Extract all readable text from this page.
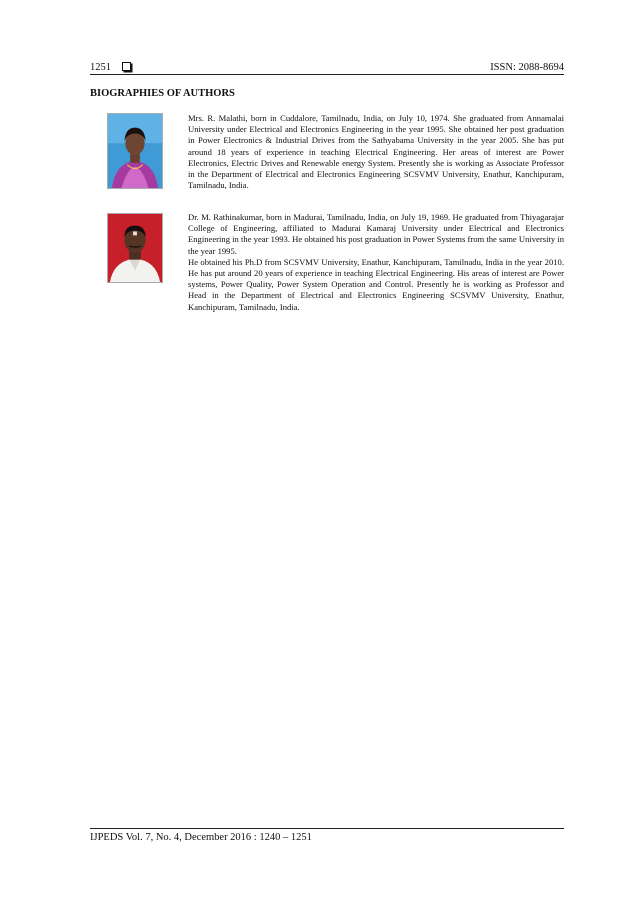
1251	ISSN: 2088-8694
BIOGRAPHIES OF AUTHORS

Mrs. R. Malathi, born in Cuddalore, Tamilnadu, India, on July 10, 1974. She graduated from Annamalai University under Electrical and Electronics Engineering in the year 1995. She obtained her post graduation in Power Electronics & Industrial Drives from the Sathyabama University in the year 2005. She has put around 18 years of experience in teaching Electrical Engineering. Her areas of interest are Power Electronics, Electric Drives and Renewable energy System. Presently she is working as Associate Professor in the Department of Electrical and Electronics Engineering SCSVMV University, Enathur, Kanchipuram, Tamilnadu, India.

Dr. M. Rathinakumar, born in Madurai, Tamilnadu, India, on July 19, 1969. He graduated from Thiyagarajar College of Engineering, affiliated to Madurai Kamaraj University under Electrical and Electronics Engineering in the year 1993. He obtained his post graduation in Power Systems from the same University in the year 1995.

He obtained his Ph.D from SCSVMV University, Enathur, Kanchipuram, Tamilnadu, India in the year 2010. He has put around 20 years of experience in teaching Electrical Engineering. His areas of interest are Power systems, Power Quality, Power System Operation and Control. Presently he is working as Professor and Head in the Department of Electrical and Electronics Engineering SCSVMV University, Enathur, Kanchipuram, Tamilnadu, India.

IJPEDS Vol. 7, No. 4, December 2016 : 1240 – 1251
